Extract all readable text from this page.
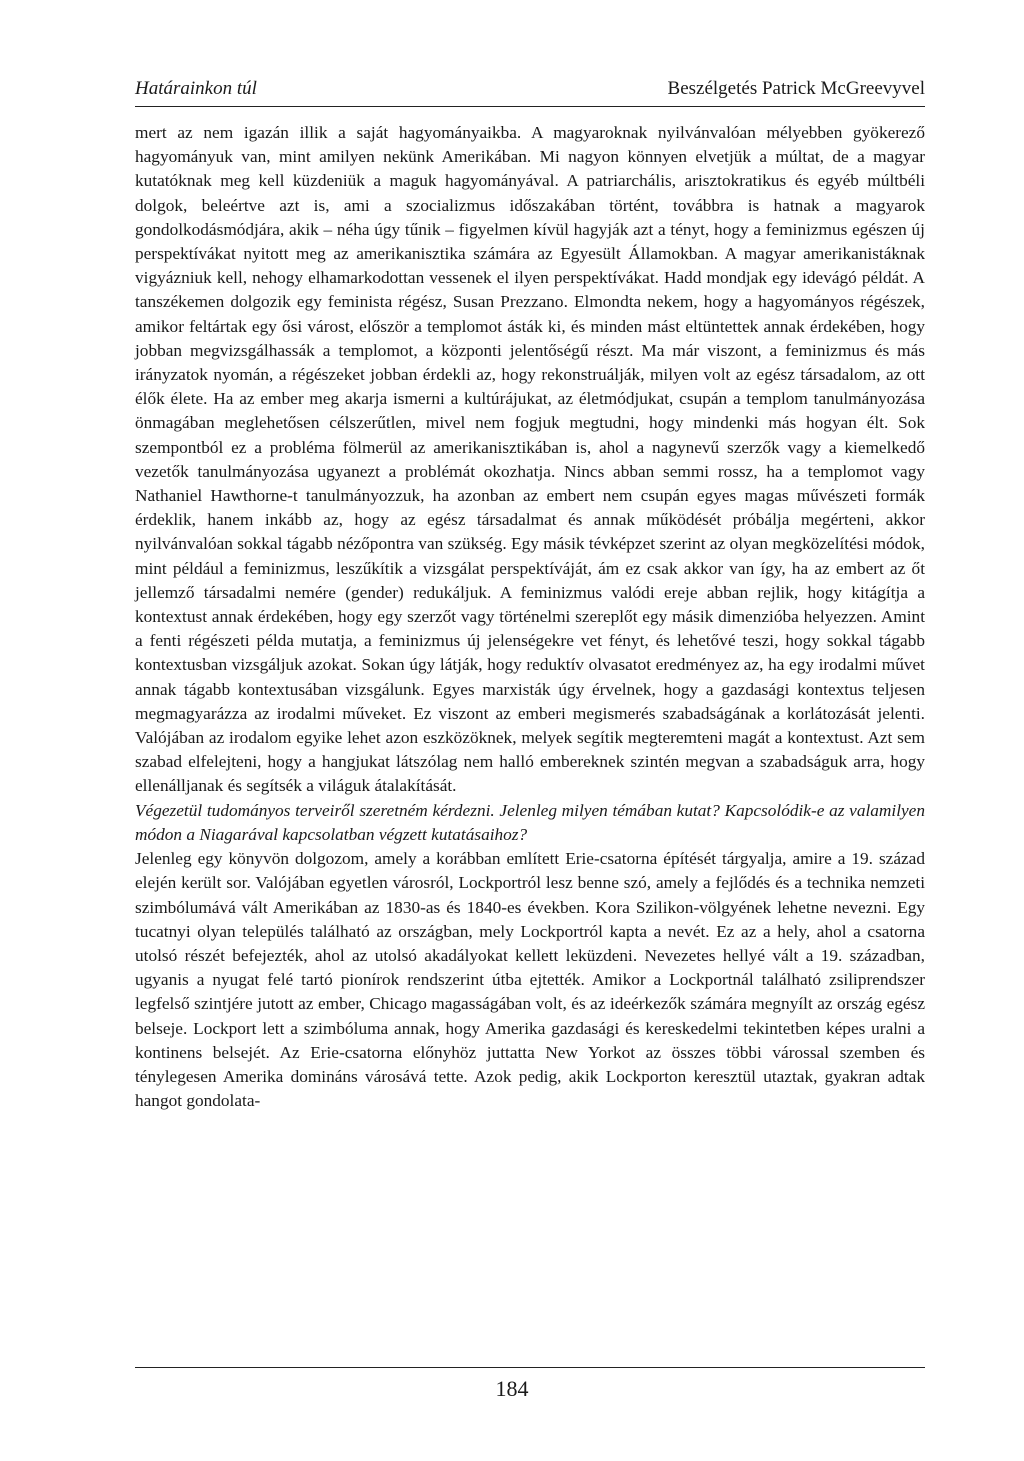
Határainkon túl	Beszélgetés Patrick McGreevyvel

mert az nem igazán illik a saját hagyományaikba. A magyaroknak nyilvánvalóan mélyebben gyökerező hagyományuk van, mint amilyen nekünk Amerikában. Mi nagyon könnyen elvetjük a múltat, de a magyar kutatóknak meg kell küzdeniük a maguk hagyományával. A patriarchális, arisztokratikus és egyéb múltbéli dolgok, beleértve azt is, ami a szocializmus időszakában történt, továbbra is hatnak a magyarok gondolkodásmódjára, akik – néha úgy tűnik – figyelmen kívül hagyják azt a tényt, hogy a feminizmus egészen új perspektívákat nyitott meg az amerikanisztika számára az Egyesült Államokban. A magyar amerikanistáknak vigyázniuk kell, nehogy elhamarkodottan vessenek el ilyen perspektívákat. Hadd mondjak egy idevágó példát. A tanszékemen dolgozik egy feminista régész, Susan Prezzano. Elmondta nekem, hogy a hagyományos régészek, amikor feltártak egy ősi várost, először a templomot ásták ki, és minden mást eltüntettek annak érdekében, hogy jobban megvizsgálhassák a templomot, a központi jelentőségű részt. Ma már viszont, a feminizmus és más irányzatok nyomán, a régészeket jobban érdekli az, hogy rekonstruálják, milyen volt az egész társadalom, az ott élők élete. Ha az ember meg akarja ismerni a kultúrájukat, az életmódjukat, csupán a templom tanulmányozása önmagában meglehetősen célszerűtlen, mivel nem fogjuk megtudni, hogy mindenki más hogyan élt. Sok szempontból ez a probléma fölmerül az amerikanisztikában is, ahol a nagynevű szerzők vagy a kiemelkedő vezetők tanulmányozása ugyanezt a problémát okozhatja. Nincs abban semmi rossz, ha a templomot vagy Nathaniel Hawthorne-t tanulmányozzuk, ha azonban az embert nem csupán egyes magas művészeti formák érdeklik, hanem inkább az, hogy az egész társadalmat és annak működését próbálja megérteni, akkor nyilvánvalóan sokkal tágabb nézőpontra van szükség. Egy másik tévképzet szerint az olyan megközelítési módok, mint például a feminizmus, leszűkítik a vizsgálat perspektíváját, ám ez csak akkor van így, ha az embert az őt jellemző társadalmi nemére (gender) redukáljuk. A feminizmus valódi ereje abban rejlik, hogy kitágítja a kontextust annak érdekében, hogy egy szerzőt vagy történelmi szereplőt egy másik dimenzióba helyezzen. Amint a fenti régészeti példa mutatja, a feminizmus új jelenségekre vet fényt, és lehetővé teszi, hogy sokkal tágabb kontextusban vizsgáljuk azokat. Sokan úgy látják, hogy reduktív olvasatot eredményez az, ha egy irodalmi művet annak tágabb kontextusában vizsgálunk. Egyes marxisták úgy érvelnek, hogy a gazdasági kontextus teljesen megmagyarázza az irodalmi műveket. Ez viszont az emberi megismerés szabadságának a korlátozását jelenti. Valójában az irodalom egyike lehet azon eszközöknek, melyek segítik megteremteni magát a kontextust. Azt sem szabad elfelejteni, hogy a hangjukat látszólag nem halló embereknek szintén megvan a szabadságuk arra, hogy ellenálljanak és segítsék a világuk átalakítását.

Végezetül tudományos terveiről szeretném kérdezni. Jelenleg milyen témában kutat? Kapcsolódik-e az valamilyen módon a Niagarával kapcsolatban végzett kutatásaihoz?

Jelenleg egy könyvön dolgozom, amely a korábban említett Erie-csatorna építését tárgyalja, amire a 19. század elején került sor. Valójában egyetlen városról, Lockportról lesz benne szó, amely a fejlődés és a technika nemzeti szimbólumává vált Amerikában az 1830-as és 1840-es években. Kora Szilikon-völgyének lehetne nevezni. Egy tucatnyi olyan település található az országban, mely Lockportról kapta a nevét. Ez az a hely, ahol a csatorna utolsó részét befejezték, ahol az utolsó akadályokat kellett leküzdeni. Nevezetes hellyé vált a 19. században, ugyanis a nyugat felé tartó pionírok rendszerint útba ejtették. Amikor a Lockportnál található zsiliprendszer legfelső szintjére jutott az ember, Chicago magasságában volt, és az ideérkezők számára megnyílt az ország egész belseje. Lockport lett a szimbóluma annak, hogy Amerika gazdasági és kereskedelmi tekintetben képes uralni a kontinens belsejét. Az Erie-csatorna előnyhöz juttatta New Yorkot az összes többi várossal szemben és ténylegesen Amerika domináns városává tette. Azok pedig, akik Lockporton keresztül utaztak, gyakran adtak hangot gondolata-

184
